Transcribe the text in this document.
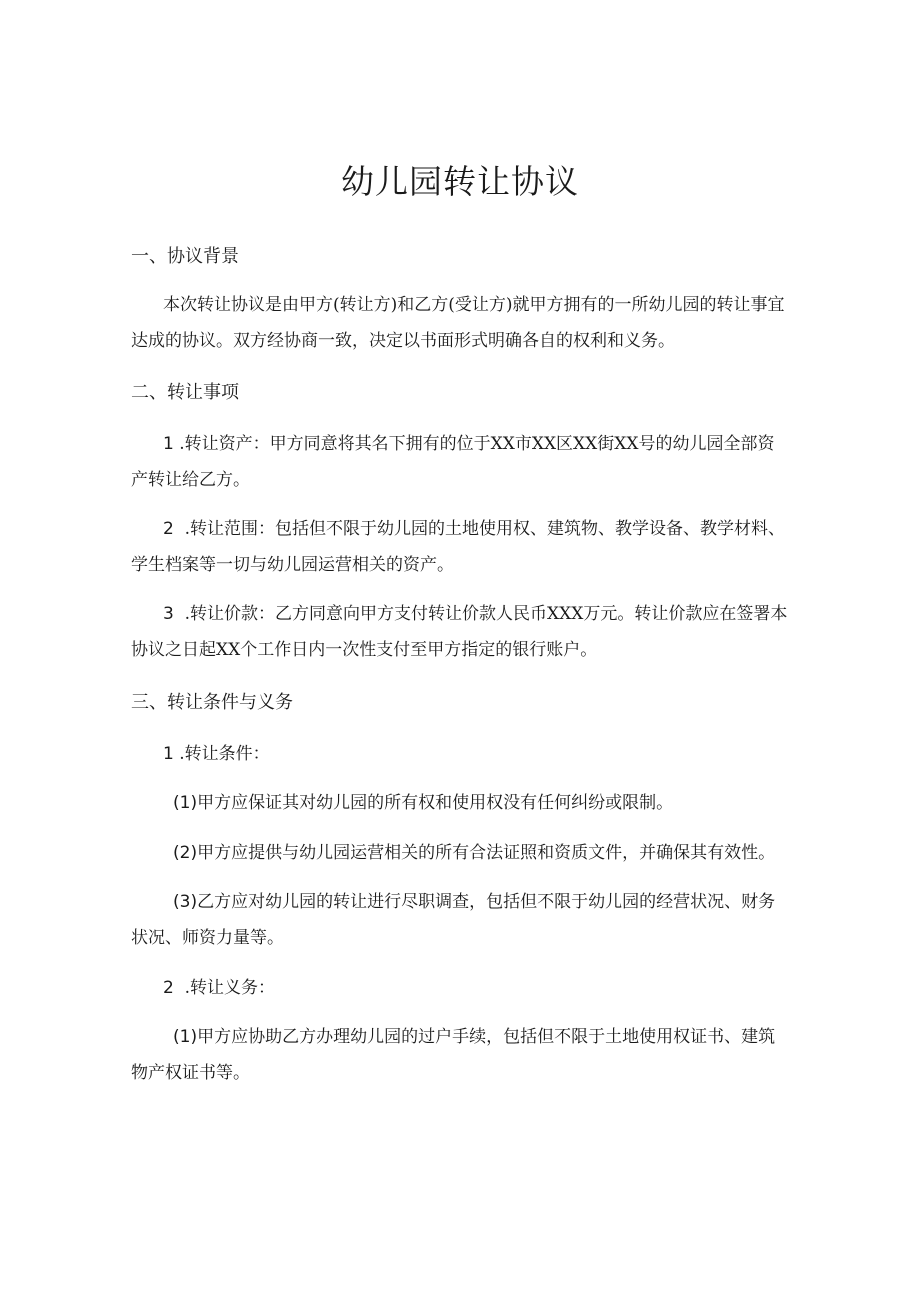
幼儿园转让协议
一、协议背景

本次转让协议是由甲方(转让方)和乙方(受让方)就甲方拥有的一所幼儿园的转让事宜达成的协议。双方经协商一致，决定以书面形式明确各自的权利和义务。

二、转让事项

1 .转让资产：甲方同意将其名下拥有的位于XX市XX区XX街XX号的幼儿园全部资产转让给乙方。

2 .转让范围：包括但不限于幼儿园的土地使用权、建筑物、教学设备、教学材料、学生档案等一切与幼儿园运营相关的资产。

3 .转让价款：乙方同意向甲方支付转让价款人民币XXX万元。转让价款应在签署本协议之日起XX个工作日内一次性支付至甲方指定的银行账户。

三、转让条件与义务

1 .转让条件：

(1)甲方应保证其对幼儿园的所有权和使用权没有任何纠纷或限制。

(2)甲方应提供与幼儿园运营相关的所有合法证照和资质文件，并确保其有效性。

(3)乙方应对幼儿园的转让进行尽职调查，包括但不限于幼儿园的经营状况、财务状况、师资力量等。

2 .转让义务：

(1)甲方应协助乙方办理幼儿园的过户手续，包括但不限于土地使用权证书、建筑物产权证书等。
